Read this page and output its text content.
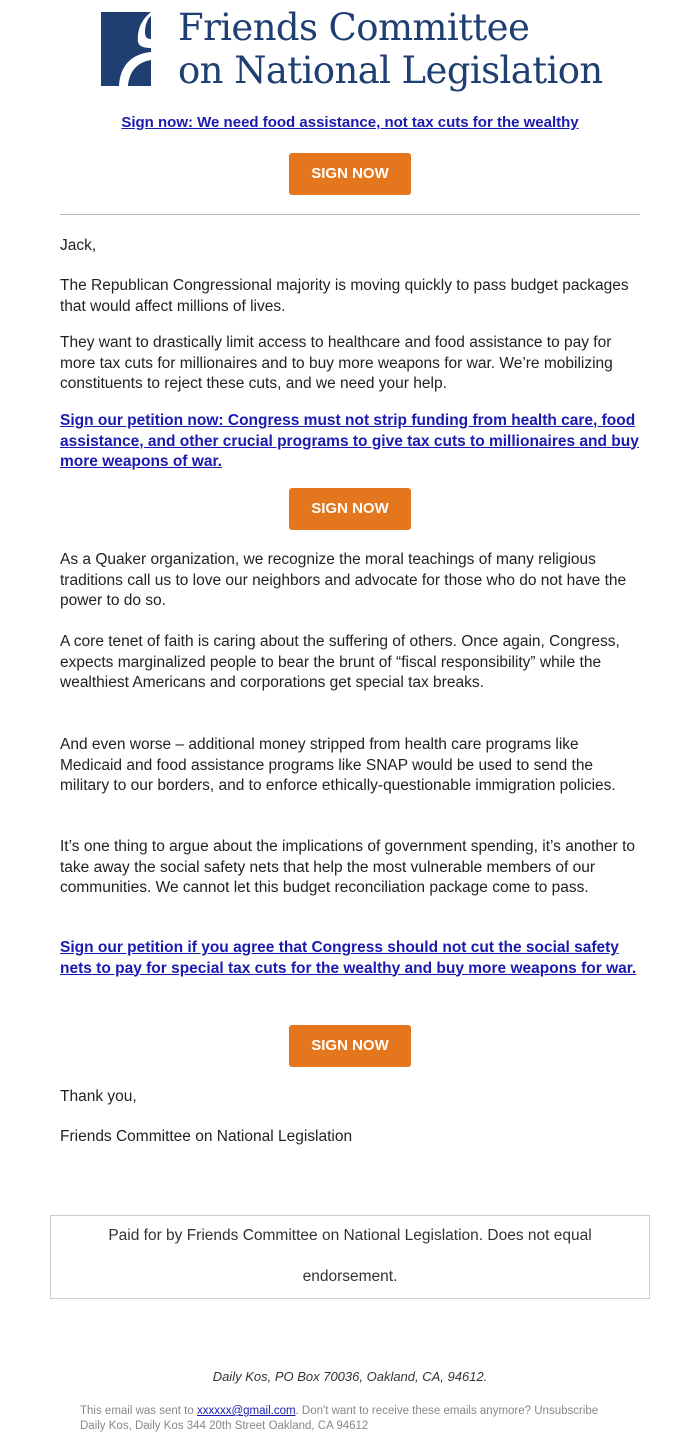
Friends Committee
on National Legislation
Sign now: We need food assistance, not tax cuts for the wealthy
SIGN NOW

Jack,

The Republican Congressional majority is moving quickly to pass budget packages that would affect millions of lives.

They want to drastically limit access to healthcare and food assistance to pay for more tax cuts for millionaires and to buy more weapons for war. We’re mobilizing constituents to reject these cuts, and we need your help.

Sign our petition now: Congress must not strip funding from health care, food assistance, and other crucial programs to give tax cuts to millionaires and buy more weapons of war.

SIGN NOW

As a Quaker organization, we recognize the moral teachings of many religious traditions call us to love our neighbors and advocate for those who do not have the power to do so.

A core tenet of faith is caring about the suffering of others. Once again, Congress, expects marginalized people to bear the brunt of “fiscal responsibility” while the wealthiest Americans and corporations get special tax breaks.

And even worse – additional money stripped from health care programs like Medicaid and food assistance programs like SNAP would be used to send the military to our borders, and to enforce ethically-questionable immigration policies.

It’s one thing to argue about the implications of government spending, it’s another to take away the social safety nets that help the most vulnerable members of our communities. We cannot let this budget reconciliation package come to pass.

Sign our petition if you agree that Congress should not cut the social safety nets to pay for special tax cuts for the wealthy and buy more weapons for war.

SIGN NOW

Thank you,

Friends Committee on National Legislation

Paid for by Friends Committee on National Legislation. Does not equal
endorsement.
Daily Kos, PO Box 70036, Oakland, CA, 94612.
This email was sent to xxxxxx@gmail.com. Don't want to receive these emails anymore? Unsubscribe
Daily Kos, Daily Kos 344 20th Street Oakland, CA 94612
